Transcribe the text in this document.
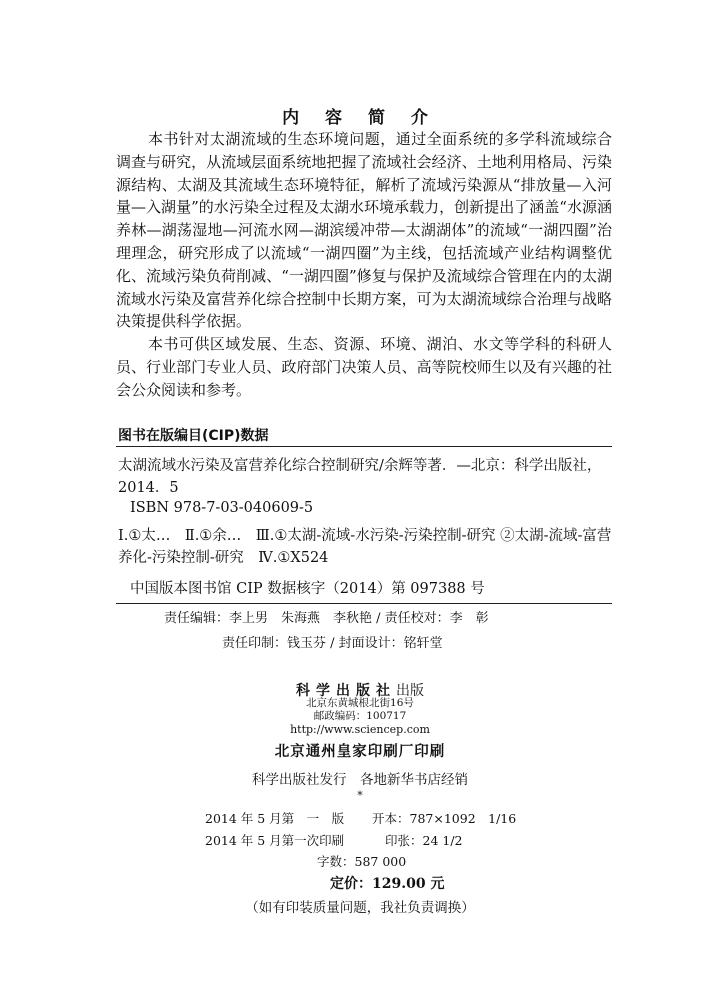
内 容 简 介
本书针对太湖流域的生态环境问题，通过全面系统的多学科流域综合调查与研究，从流域层面系统地把握了流域社会经济、土地利用格局、污染源结构、太湖及其流域生态环境特征，解析了流域污染源从“排放量—入河量—入湖量”的水污染全过程及太湖水环境承载力，创新提出了涵盖“水源涵养林—湖荡湿地—河流水网—湖滨缓冲带—太湖湖体”的流域“一湖四圈”治理理念，研究形成了以流域“一湖四圈”为主线，包括流域产业结构调整优化、流域污染负荷削减、“一湖四圈”修复与保护及流域综合管理在内的太湖流域水污染及富营养化综合控制中长期方案，可为太湖流域综合治理与战略决策提供科学依据。
本书可供区域发展、生态、资源、环境、湖泊、水文等学科的科研人员、行业部门专业人员、政府部门决策人员、高等院校师生以及有兴趣的社会公众阅读和参考。
图书在版编目(CIP)数据
太湖流域水污染及富营养化综合控制研究/余辉等著．—北京：科学出版社，2014．5
ISBN 978-7-03-040609-5
Ⅰ.①太…　Ⅱ.①余…　Ⅲ.①太湖-流域-水污染-污染控制-研究 ②太湖-流域-富营养化-污染控制-研究　Ⅳ.①X524
中国版本图书馆 CIP 数据核字（2014）第 097388 号
责任编辑：李上男　朱海燕　李秋艳 / 责任校对：李　彰
责任印制：钱玉芬 / 封面设计：铭轩堂
科学出版社出版
北京东黄城根北街16号
邮政编码：100717
http://www.sciencep.com
北京通州皇家印刷厂印刷
科学出版社发行　各地新华书店经销
*
2014 年 5 月第　一　版 开本：787×1092　1/16
2014 年 5 月第一次印刷	印张：24 1/2
字数：587 000
定价：129.00 元
（如有印装质量问题，我社负责调换）
